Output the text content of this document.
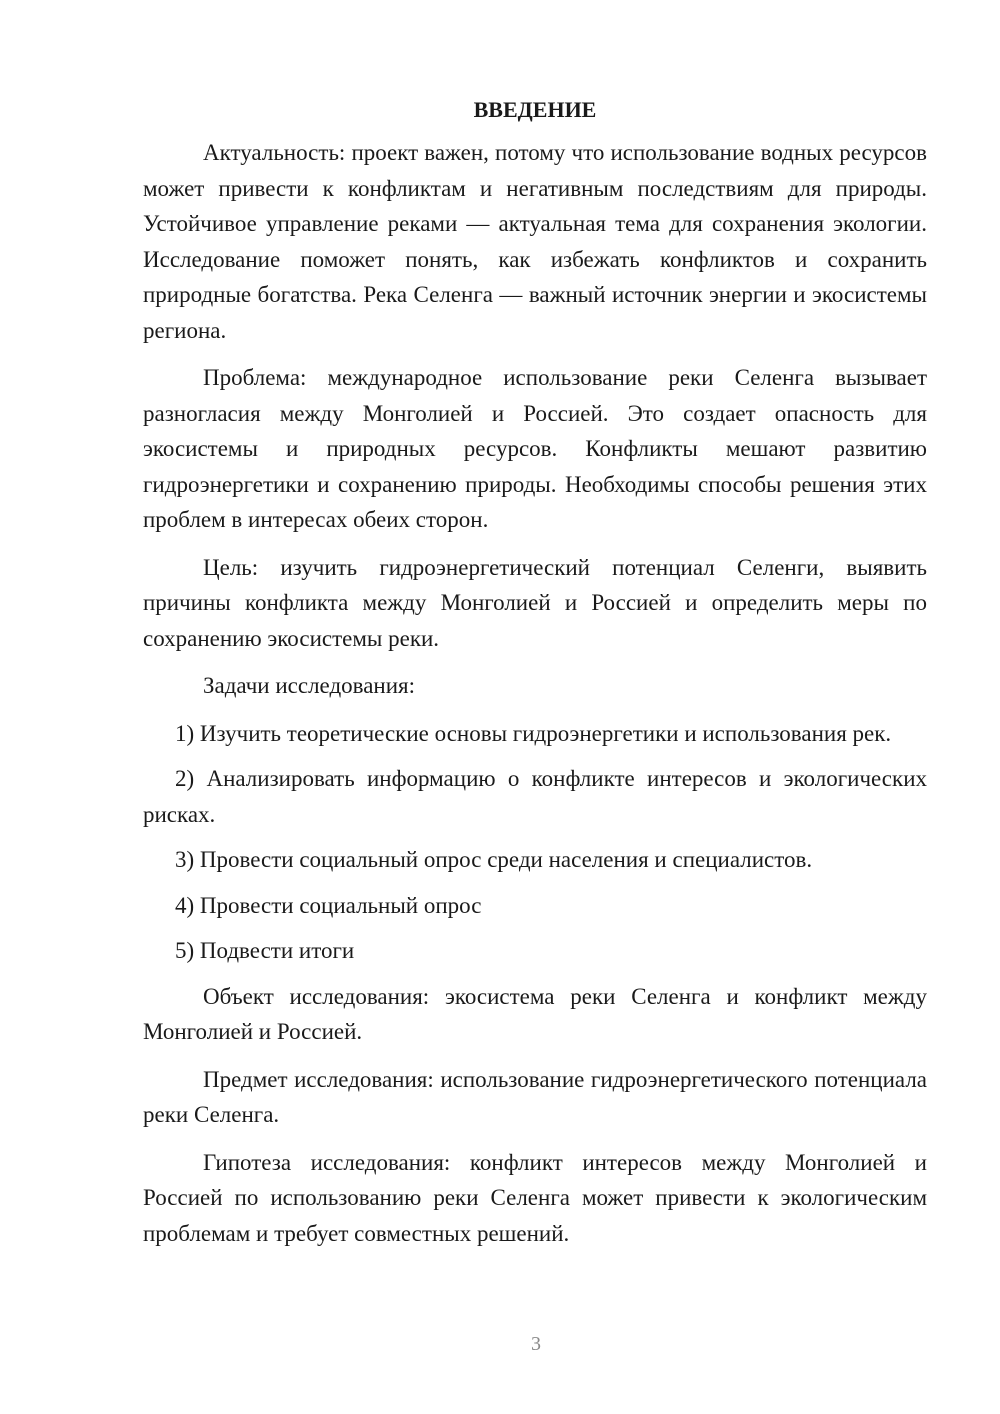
ВВЕДЕНИЕ

Актуальность: проект важен, потому что использование водных ресурсов может привести к конфликтам и негативным последствиям для природы. Устойчивое управление реками — актуальная тема для сохранения экологии. Исследование поможет понять, как избежать конфликтов и сохранить природные богатства. Река Селенга — важный источник энергии и экосистемы региона.

Проблема: международное использование реки Селенга вызывает разногласия между Монголией и Россией. Это создает опасность для экосистемы и природных ресурсов. Конфликты мешают развитию гидроэнергетики и сохранению природы. Необходимы способы решения этих проблем в интересах обеих сторон.

Цель: изучить гидроэнергетический потенциал Селенги, выявить причины конфликта между Монголией и Россией и определить меры по сохранению экосистемы реки.

Задачи исследования:

1) Изучить теоретические основы гидроэнергетики и использования рек.

2) Анализировать информацию о конфликте интересов и экологических рисках.

3) Провести социальный опрос среди населения и специалистов.

4) Провести социальный опрос

5) Подвести итоги

Объект исследования: экосистема реки Селенга и конфликт между Монголией и Россией.

Предмет исследования: использование гидроэнергетического потенциала реки Селенга.

Гипотеза исследования: конфликт интересов между Монголией и Россией по использованию реки Селенга может привести к экологическим проблемам и требует совместных решений.

3
